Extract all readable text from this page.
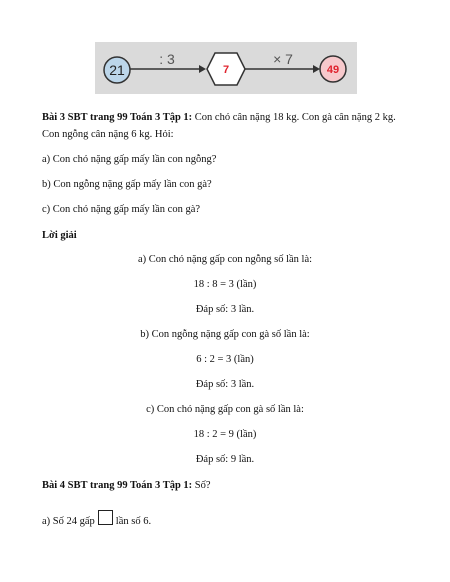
21
: 3
7
× 7
49
Bài 3 SBT trang 99 Toán 3 Tập 1: Con chó cân nặng 18 kg. Con gà cân nặng 2 kg. Con ngỗng cân nặng 6 kg. Hỏi:
a) Con chó nặng gấp mấy lần con ngỗng?
b) Con ngỗng nặng gấp mấy lần con gà?
c) Con chó nặng gấp mấy lần con gà?
Lời giải
a) Con chó nặng gấp con ngỗng số lần là:
18 : 8 = 3 (lần)
Đáp số: 3 lần.
b) Con ngỗng nặng gấp con gà số lần là:
6 : 2 = 3 (lần)
Đáp số: 3 lần.
c) Con chó nặng gấp con gà số lần là:
18 : 2 = 9 (lần)
Đáp số: 9 lần.
Bài 4 SBT trang 99 Toán 3 Tập 1: Số?
a) Số 24 gấp lần số 6.
